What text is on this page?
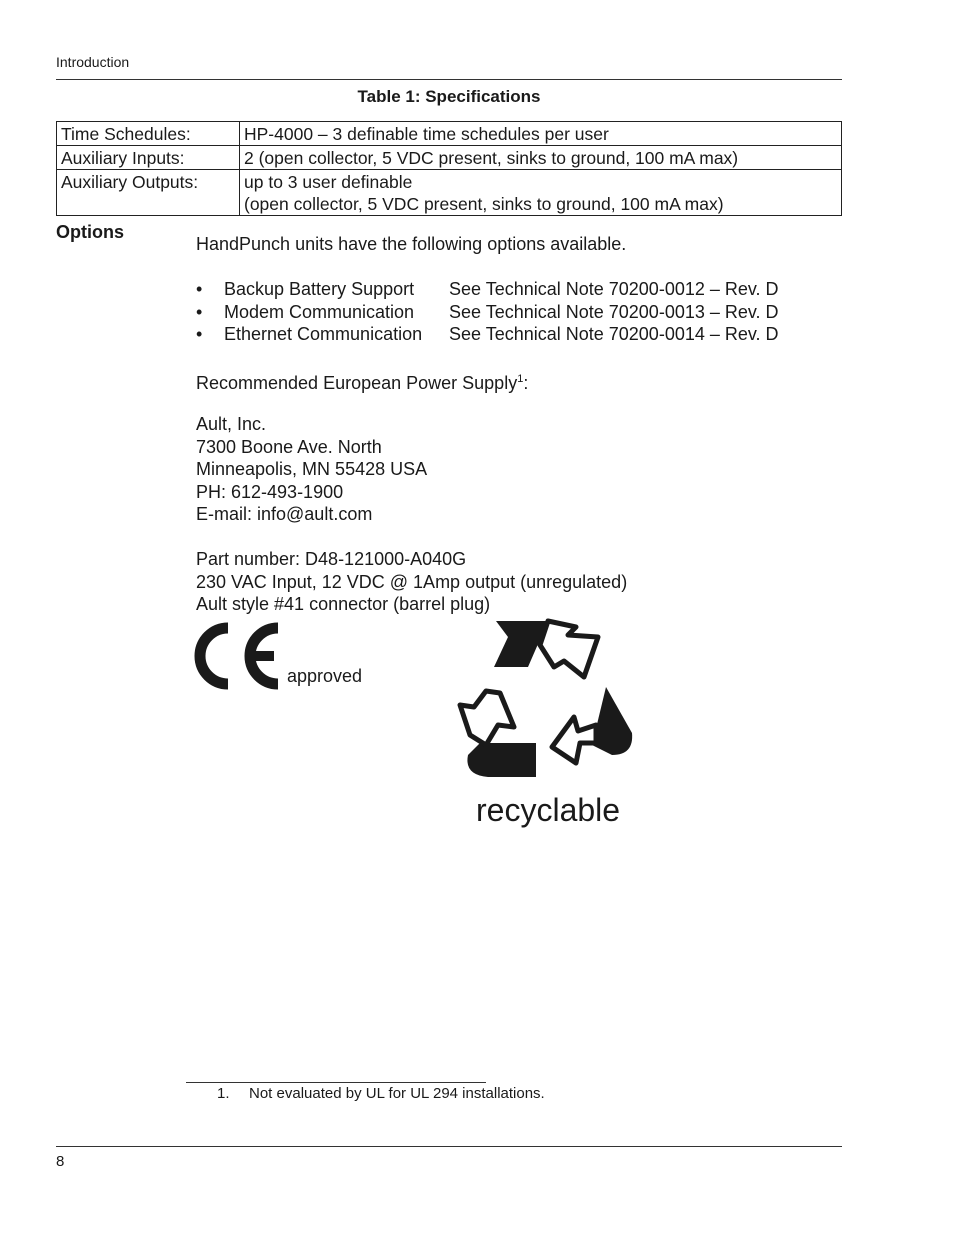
Introduction
Table 1: Specifications
Time Schedules:	HP-4000 – 3 definable time schedules per user

Auxiliary Inputs:	2 (open collector, 5 VDC present, sinks to ground, 100 mA max)

Auxiliary Outputs:	up to 3 user definable
(open collector, 5 VDC present, sinks to ground, 100 mA max)
Options
HandPunch units have the following options available.
• Backup Battery Support See Technical Note 70200-0012 – Rev. D
• Modem Communication See Technical Note 70200-0013 – Rev. D
• Ethernet Communication See Technical Note 70200-0014 – Rev. D
Recommended European Power Supply$^1$:
Ault, Inc.
7300 Boone Ave. North
Minneapolis, MN 55428 USA
PH: 612-493-1900
E-mail: info@ault.com
Part number: D48-121000-A040G
230 VAC Input, 12 VDC @ 1Amp output (unregulated)
Ault style #41 connector (barrel plug)
approved
recyclable
1. Not evaluated by UL for UL 294 installations.
8
